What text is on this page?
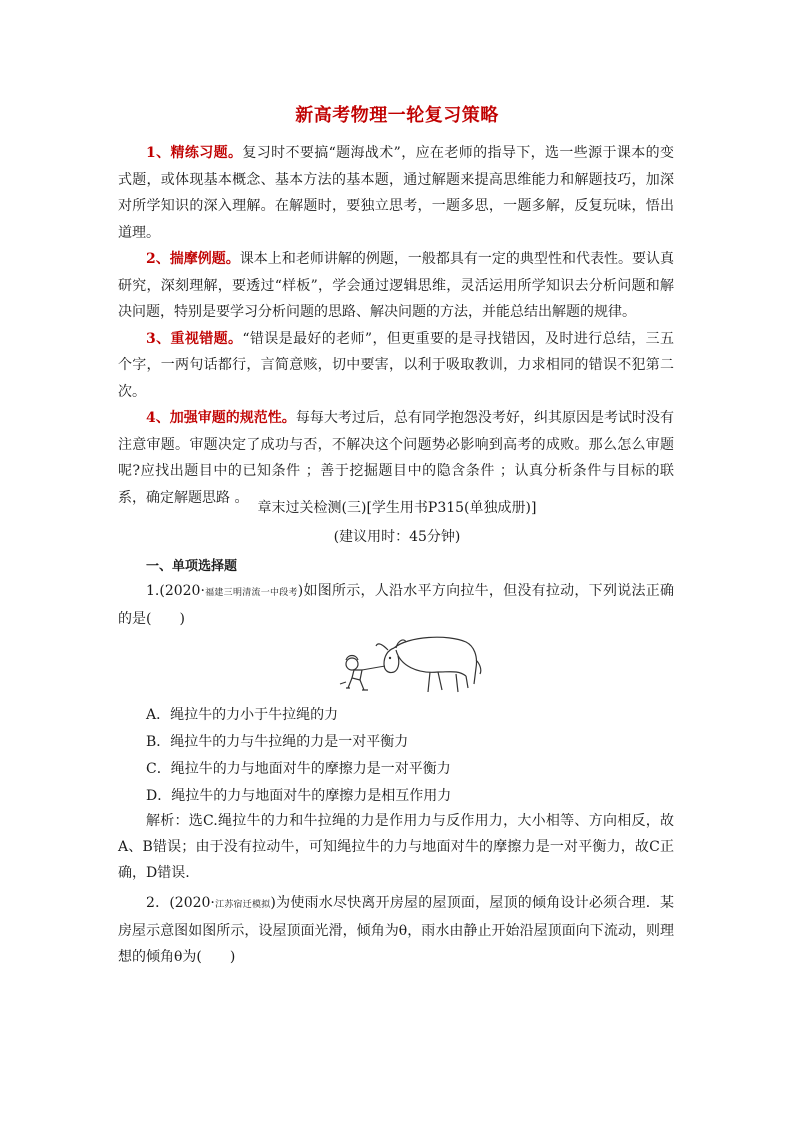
新高考物理一轮复习策略

1、精练习题。复习时不要搞“题海战术”，应在老师的指导下，选一些源于课本的变式题，或体现基本概念、基本方法的基本题，通过解题来提高思维能力和解题技巧，加深对所学知识的深入理解。在解题时，要独立思考，一题多思，一题多解，反复玩味，悟出道理。

2、揣摩例题。课本上和老师讲解的例题，一般都具有一定的典型性和代表性。要认真研究，深刻理解，要透过“样板”，学会通过逻辑思维，灵活运用所学知识去分析问题和解决问题，特别是要学习分析问题的思路、解决问题的方法，并能总结出解题的规律。

3、重视错题。“错误是最好的老师”，但更重要的是寻找错因，及时进行总结，三五个字，一两句话都行，言简意赅，切中要害，以利于吸取教训，力求相同的错误不犯第二次。

4、加强审题的规范性。每每大考过后，总有同学抱怨没考好，纠其原因是考试时没有注意审题。审题决定了成功与否，不解决这个问题势必影响到高考的成败。那么怎么审题呢?应找出题目中的已知条件 ；善于挖掘题目中的隐含条件 ；认真分析条件与目标的联系，确定解题思路 。

章末过关检测(三)[学生用书P315(单独成册)]
(建议用时：45分钟)
一、单项选择题

1.(2020·福建三明清流一中段考)如图所示，人沿水平方向拉牛，但没有拉动，下列说法正确的是(　　)

A．绳拉牛的力小于牛拉绳的力
B．绳拉牛的力与牛拉绳的力是一对平衡力
C．绳拉牛的力与地面对牛的摩擦力是一对平衡力
D．绳拉牛的力与地面对牛的摩擦力是相互作用力

解析：选C.绳拉牛的力和牛拉绳的力是作用力与反作用力，大小相等、方向相反，故A、B错误；由于没有拉动牛，可知绳拉牛的力与地面对牛的摩擦力是一对平衡力，故C正确，D错误.

2．(2020·江苏宿迁模拟)为使雨水尽快离开房屋的屋顶面，屋顶的倾角设计必须合理．某房屋示意图如图所示，设屋顶面光滑，倾角为θ，雨水由静止开始沿屋顶面向下流动，则理想的倾角θ为(　　)
